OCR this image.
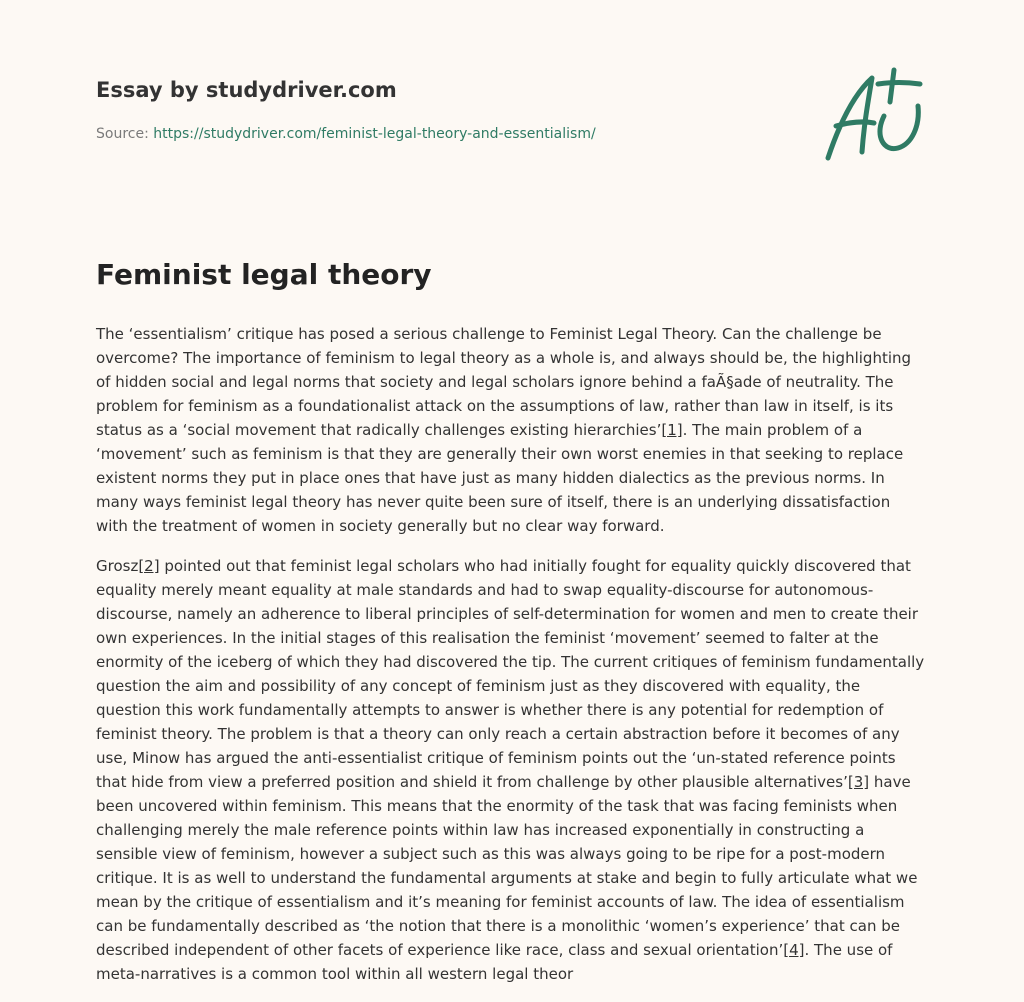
Essay by studydriver.com
Source: https://studydriver.com/feminist-legal-theory-and-essentialism/
Feminist legal theory

The ‘essentialism’ critique has posed a serious challenge to Feminist Legal Theory. Can the challenge be overcome? The importance of feminism to legal theory as a whole is, and always should be, the highlighting of hidden social and legal norms that society and legal scholars ignore behind a faÃ§ade of neutrality. The problem for feminism as a foundationalist attack on the assumptions of law, rather than law in itself, is its status as a ‘social movement that radically challenges existing hierarchies’[1]. The main problem of a ‘movement’ such as feminism is that they are generally their own worst enemies in that seeking to replace existent norms they put in place ones that have just as many hidden dialectics as the previous norms. In many ways feminist legal theory has never quite been sure of itself, there is an underlying dissatisfaction with the treatment of women in society generally but no clear way forward.

Grosz[2] pointed out that feminist legal scholars who had initially fought for equality quickly discovered that equality merely meant equality at male standards and had to swap equality-discourse for autonomous-discourse, namely an adherence to liberal principles of self-determination for women and men to create their own experiences. In the initial stages of this realisation the feminist ‘movement’ seemed to falter at the enormity of the iceberg of which they had discovered the tip. The current critiques of feminism fundamentally question the aim and possibility of any concept of feminism just as they discovered with equality, the question this work fundamentally attempts to answer is whether there is any potential for redemption of feminist theory. The problem is that a theory can only reach a certain abstraction before it becomes of any use, Minow has argued the anti-essentialist critique of feminism points out the ‘un-stated reference points that hide from view a preferred position and shield it from challenge by other plausible alternatives’[3] have been uncovered within feminism. This means that the enormity of the task that was facing feminists when challenging merely the male reference points within law has increased exponentially in constructing a sensible view of feminism, however a subject such as this was always going to be ripe for a post-modern critique. It is as well to understand the fundamental arguments at stake and begin to fully articulate what we mean by the critique of essentialism and it’s meaning for feminist accounts of law. The idea of essentialism can be fundamentally described as ‘the notion that there is a monolithic ‘women’s experience’ that can be described independent of other facets of experience like race, class and sexual orientation’[4]. The use of meta-narratives is a common tool within all western legal theor
